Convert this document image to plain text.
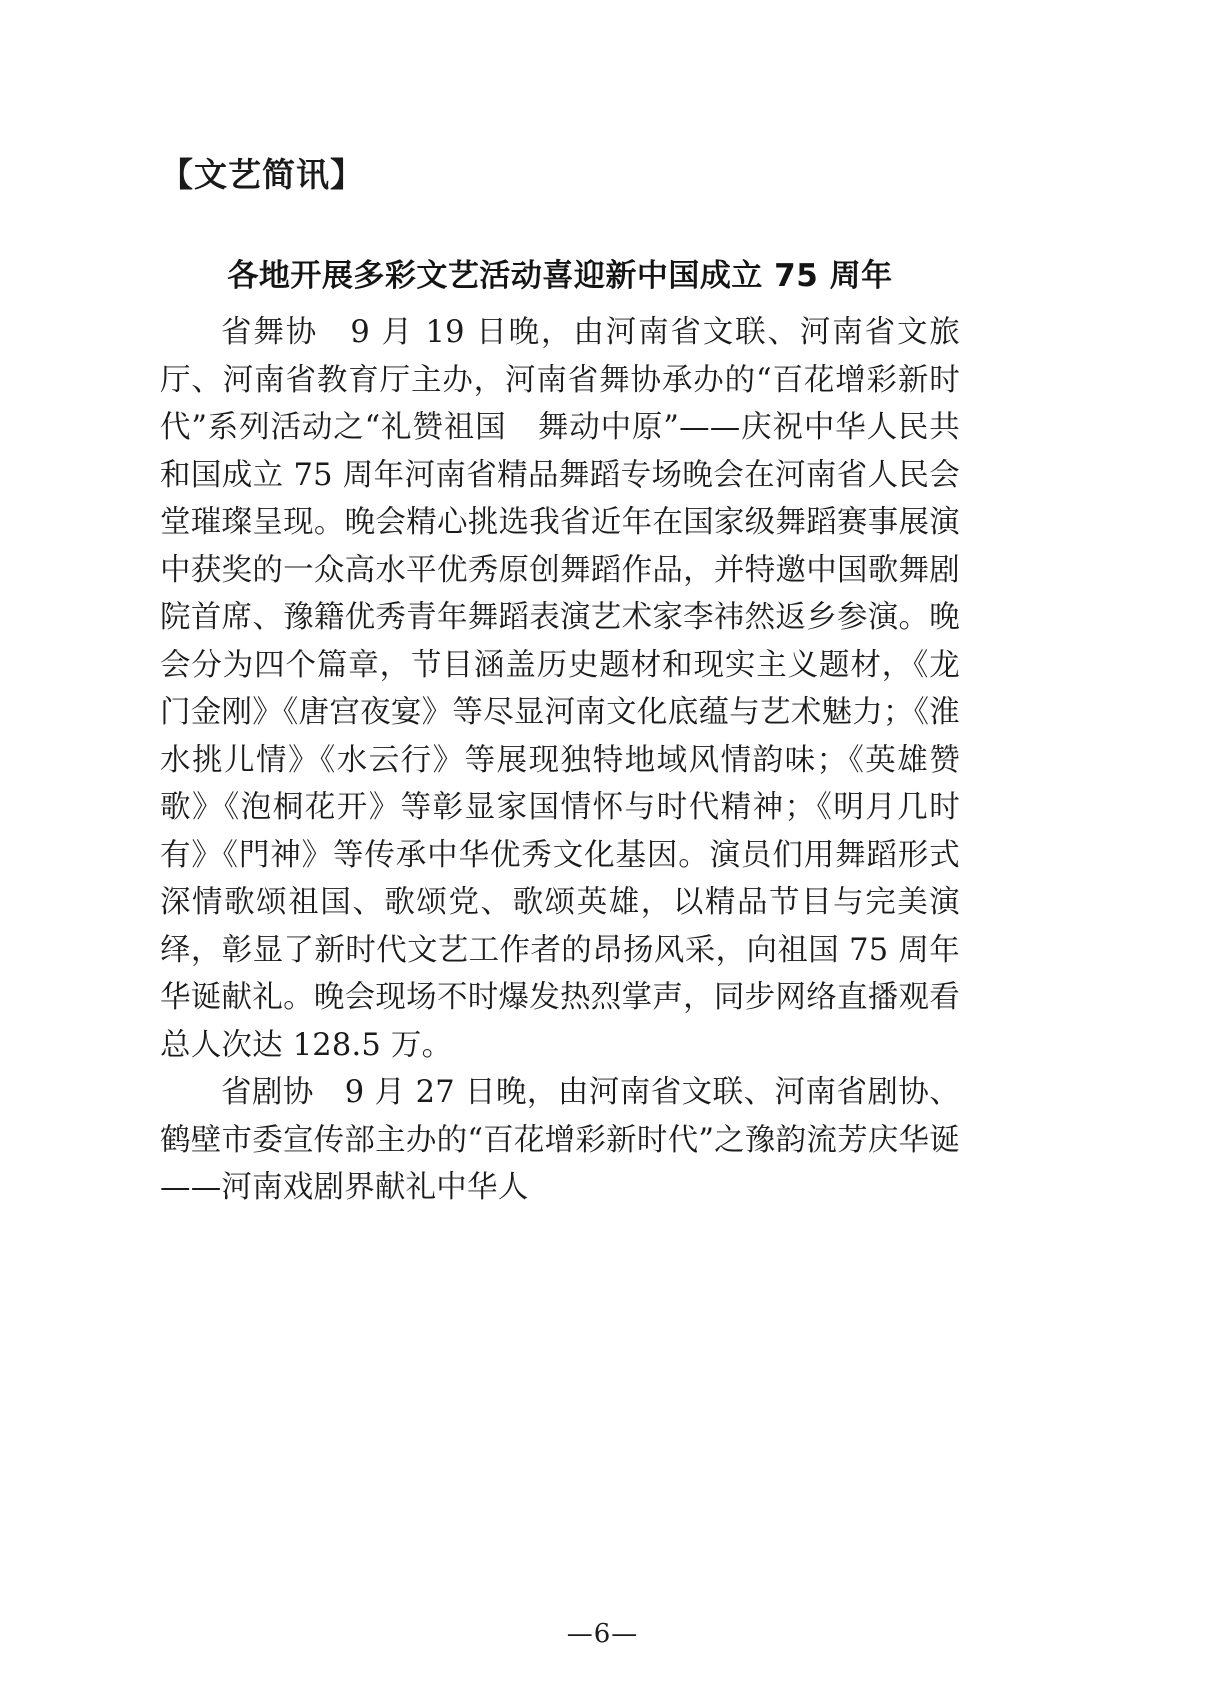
【文艺简讯】
各地开展多彩文艺活动喜迎新中国成立 75 周年

省舞协　9 月 19 日晚，由河南省文联、河南省文旅厅、河南省教育厅主办，河南省舞协承办的“百花增彩新时代”系列活动之“礼赞祖国　舞动中原”——庆祝中华人民共和国成立 75 周年河南省精品舞蹈专场晚会在河南省人民会堂璀璨呈现。晚会精心挑选我省近年在国家级舞蹈赛事展演中获奖的一众高水平优秀原创舞蹈作品，并特邀中国歌舞剧院首席、豫籍优秀青年舞蹈表演艺术家李祎然返乡参演。晚会分为四个篇章，节目涵盖历史题材和现实主义题材，《龙门金刚》《唐宫夜宴》等尽显河南文化底蕴与艺术魅力；《淮水挑儿情》《水云行》等展现独特地域风情韵味；《英雄赞歌》《泡桐花开》等彰显家国情怀与时代精神；《明月几时有》《門神》等传承中华优秀文化基因。演员们用舞蹈形式深情歌颂祖国、歌颂党、歌颂英雄，以精品节目与完美演绎，彰显了新时代文艺工作者的昂扬风采，向祖国 75 周年华诞献礼。晚会现场不时爆发热烈掌声，同步网络直播观看总人次达 128.5 万。

省剧协　9 月 27 日晚，由河南省文联、河南省剧协、鹤壁市委宣传部主办的“百花增彩新时代”之豫韵流芳庆华诞——河南戏剧界献礼中华人

—6—
